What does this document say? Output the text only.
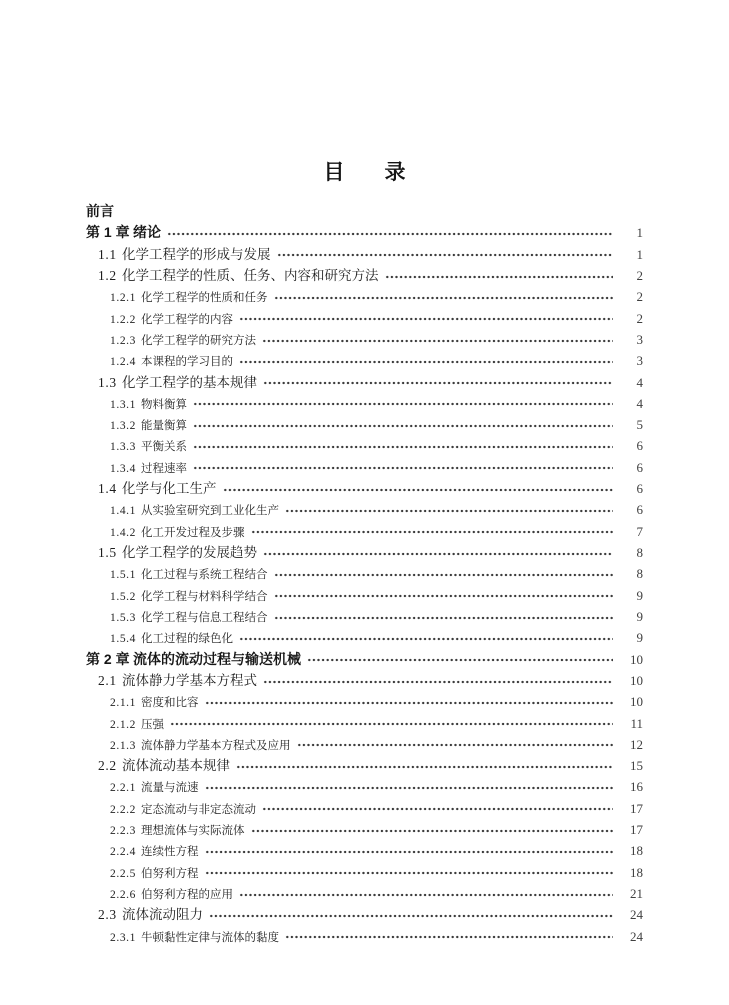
目 录
前言
第 1 章 绪论	1
1.1 化学工程学的形成与发展	1
1.2 化学工程学的性质、任务、内容和研究方法	2
1.2.1 化学工程学的性质和任务	2
1.2.2 化学工程学的内容	2
1.2.3 化学工程学的研究方法	3
1.2.4 本课程的学习目的	3
1.3 化学工程学的基本规律	4
1.3.1 物料衡算	4
1.3.2 能量衡算	5
1.3.3 平衡关系	6
1.3.4 过程速率	6
1.4 化学与化工生产	6
1.4.1 从实验室研究到工业化生产	6
1.4.2 化工开发过程及步骤	7
1.5 化学工程学的发展趋势	8
1.5.1 化工过程与系统工程结合	8
1.5.2 化学工程与材料科学结合	9
1.5.3 化学工程与信息工程结合	9
1.5.4 化工过程的绿色化	9
第 2 章 流体的流动过程与输送机械	10
2.1 流体静力学基本方程式	10
2.1.1 密度和比容	10
2.1.2 压强	11
2.1.3 流体静力学基本方程式及应用	12
2.2 流体流动基本规律	15
2.2.1 流量与流速	16
2.2.2 定态流动与非定态流动	17
2.2.3 理想流体与实际流体	17
2.2.4 连续性方程	18
2.2.5 伯努利方程	18
2.2.6 伯努利方程的应用	21
2.3 流体流动阻力	24
2.3.1 牛顿黏性定律与流体的黏度	24
